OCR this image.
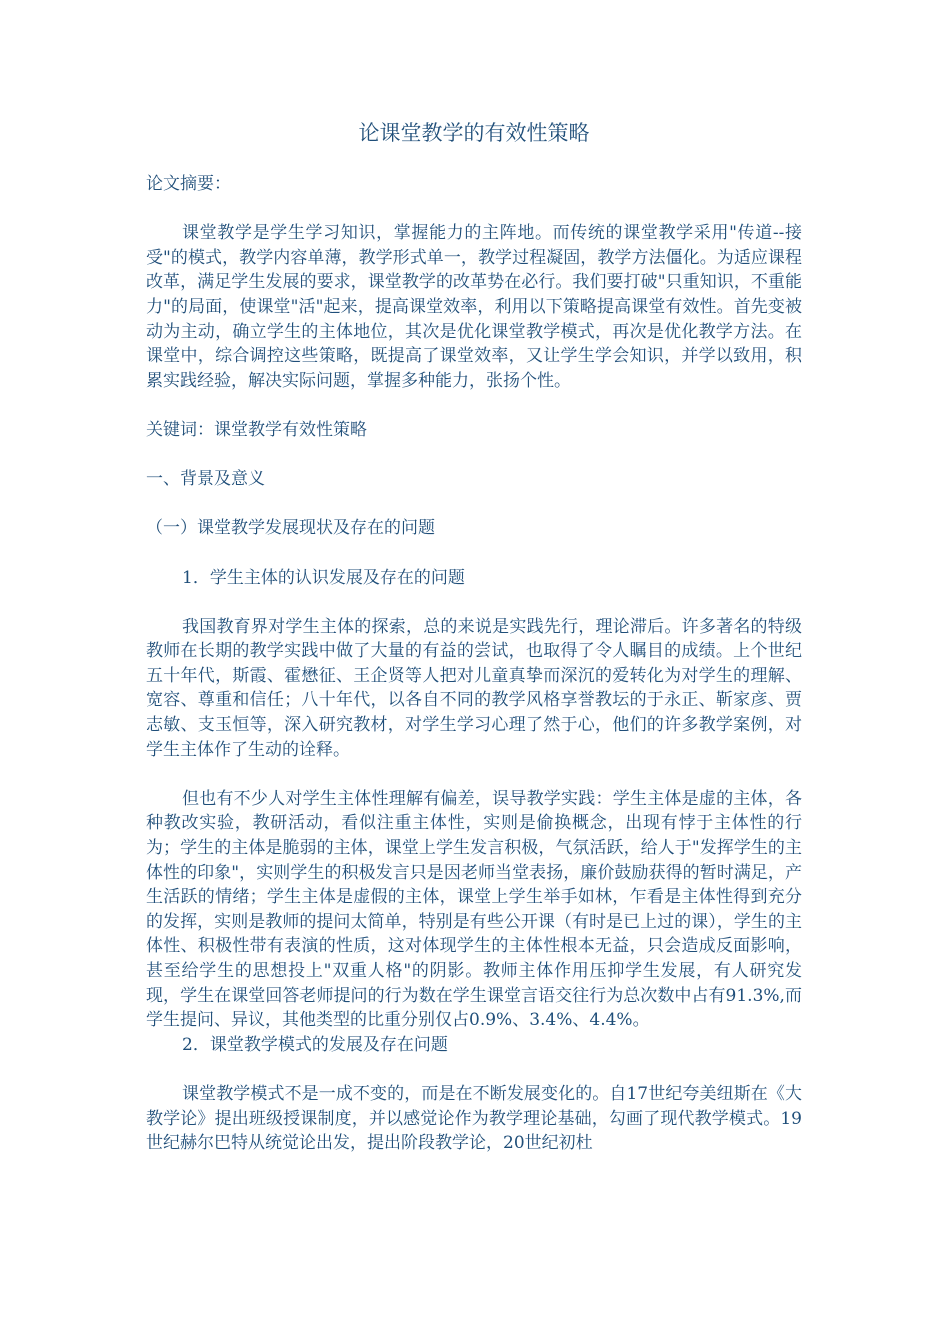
论课堂教学的有效性策略

论文摘要：

课堂教学是学生学习知识，掌握能力的主阵地。而传统的课堂教学采用"传道--接受"的模式，教学内容单薄，教学形式单一，教学过程凝固，教学方法僵化。为适应课程改革，满足学生发展的要求，课堂教学的改革势在必行。我们要打破"只重知识，不重能力"的局面，使课堂"活"起来，提高课堂效率，利用以下策略提高课堂有效性。首先变被动为主动，确立学生的主体地位，其次是优化课堂教学模式，再次是优化教学方法。在课堂中，综合调控这些策略，既提高了课堂效率，又让学生学会知识，并学以致用，积累实践经验，解决实际问题，掌握多种能力，张扬个性。

关键词：课堂教学有效性策略

一、背景及意义

（一）课堂教学发展现状及存在的问题

1．学生主体的认识发展及存在的问题

我国教育界对学生主体的探索，总的来说是实践先行，理论滞后。许多著名的特级教师在长期的教学实践中做了大量的有益的尝试，也取得了令人瞩目的成绩。上个世纪五十年代，斯霞、霍懋征、王企贤等人把对儿童真挚而深沉的爱转化为对学生的理解、宽容、尊重和信任；八十年代，以各自不同的教学风格享誉教坛的于永正、靳家彦、贾志敏、支玉恒等，深入研究教材，对学生学习心理了然于心，他们的许多教学案例，对学生主体作了生动的诠释。

但也有不少人对学生主体性理解有偏差，误导教学实践：学生主体是虚的主体，各种教改实验，教研活动，看似注重主体性，实则是偷换概念，出现有悖于主体性的行为；学生的主体是脆弱的主体，课堂上学生发言积极，气氛活跃，给人于"发挥学生的主体性的印象"，实则学生的积极发言只是因老师当堂表扬，廉价鼓励获得的暂时满足，产生活跃的情绪；学生主体是虚假的主体，课堂上学生举手如林，乍看是主体性得到充分的发挥，实则是教师的提问太简单，特别是有些公开课（有时是已上过的课），学生的主体性、积极性带有表演的性质，这对体现学生的主体性根本无益，只会造成反面影响，甚至给学生的思想投上"双重人格"的阴影。教师主体作用压抑学生发展，有人研究发现，学生在课堂回答老师提问的行为数在学生课堂言语交往行为总次数中占有91.3%,而学生提问、异议，其他类型的比重分别仅占0.9%、3.4%、4.4%。

2．课堂教学模式的发展及存在问题

课堂教学模式不是一成不变的，而是在不断发展变化的。自17世纪夸美纽斯在《大教学论》提出班级授课制度，并以感觉论作为教学理论基础，勾画了现代教学模式。19世纪赫尔巴特从统觉论出发，提出阶段教学论，20世纪初杜
